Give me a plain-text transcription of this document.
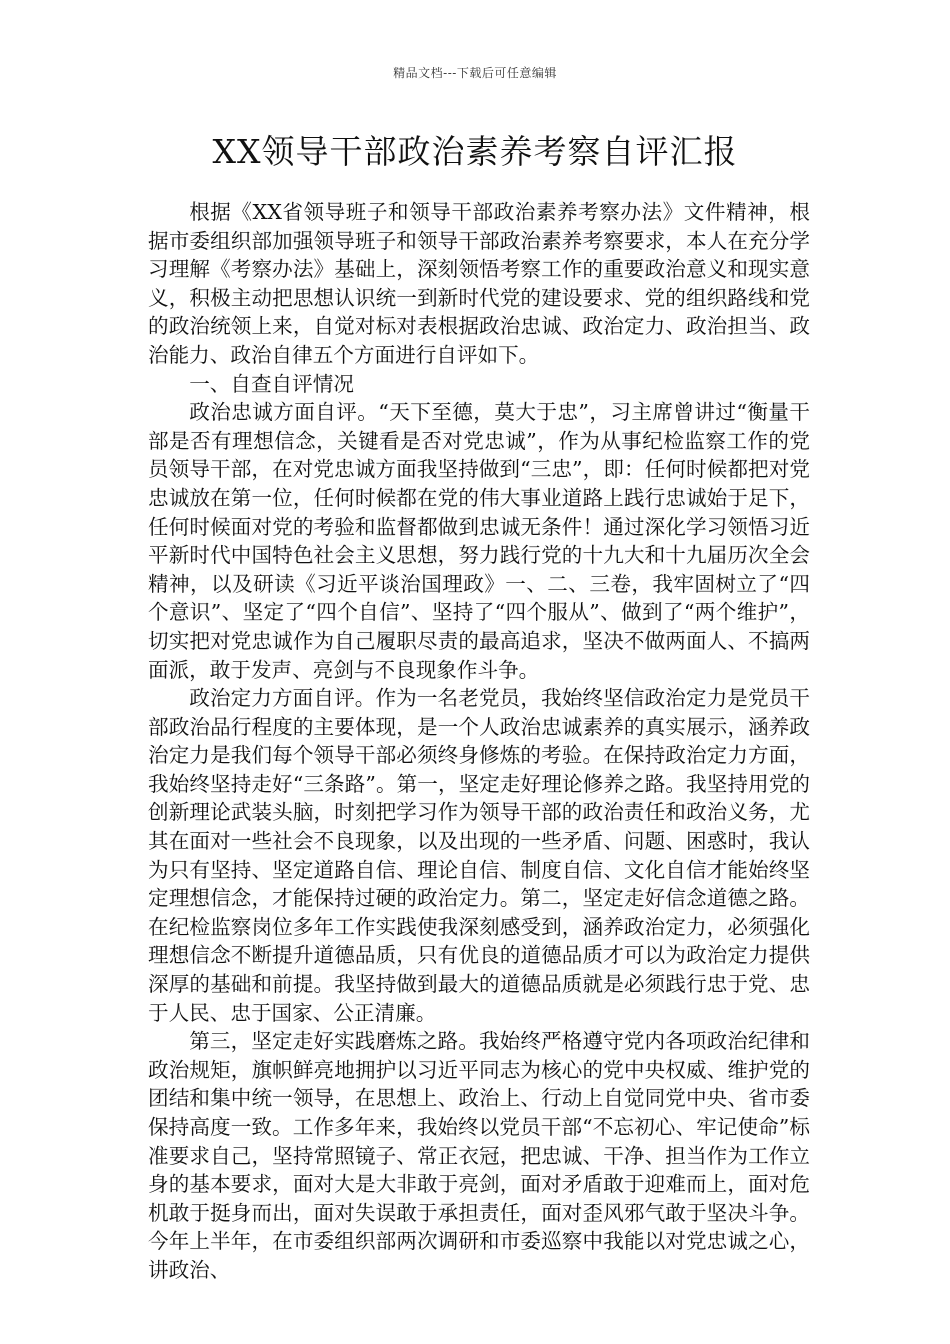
精品文档---下载后可任意编辑
XX领导干部政治素养考察自评汇报

根据《XX省领导班子和领导干部政治素养考察办法》文件精神，根据市委组织部加强领导班子和领导干部政治素养考察要求，本人在充分学习理解《考察办法》基础上，深刻领悟考察工作的重要政治意义和现实意义，积极主动把思想认识统一到新时代党的建设要求、党的组织路线和党的政治统领上来，自觉对标对表根据政治忠诚、政治定力、政治担当、政治能力、政治自律五个方面进行自评如下。

一、自查自评情况

政治忠诚方面自评。“天下至德，莫大于忠”，习主席曾讲过“衡量干部是否有理想信念，关键看是否对党忠诚”，作为从事纪检监察工作的党员领导干部，在对党忠诚方面我坚持做到“三忠”，即：任何时候都把对党忠诚放在第一位，任何时候都在党的伟大事业道路上践行忠诚始于足下，任何时候面对党的考验和监督都做到忠诚无条件！通过深化学习领悟习近平新时代中国特色社会主义思想，努力践行党的十九大和十九届历次全会精神，以及研读《习近平谈治国理政》一、二、三卷，我牢固树立了“四个意识”、坚定了“四个自信”、坚持了“四个服从”、做到了“两个维护”，切实把对党忠诚作为自己履职尽责的最高追求，坚决不做两面人、不搞两面派，敢于发声、亮剑与不良现象作斗争。

政治定力方面自评。作为一名老党员，我始终坚信政治定力是党员干部政治品行程度的主要体现，是一个人政治忠诚素养的真实展示，涵养政治定力是我们每个领导干部必须终身修炼的考验。在保持政治定力方面，我始终坚持走好“三条路”。第一，坚定走好理论修养之路。我坚持用党的创新理论武装头脑，时刻把学习作为领导干部的政治责任和政治义务，尤其在面对一些社会不良现象，以及出现的一些矛盾、问题、困惑时，我认为只有坚持、坚定道路自信、理论自信、制度自信、文化自信才能始终坚定理想信念，才能保持过硬的政治定力。第二，坚定走好信念道德之路。在纪检监察岗位多年工作实践使我深刻感受到，涵养政治定力，必须强化理想信念不断提升道德品质，只有优良的道德品质才可以为政治定力提供深厚的基础和前提。我坚持做到最大的道德品质就是必须践行忠于党、忠于人民、忠于国家、公正清廉。

第三，坚定走好实践磨炼之路。我始终严格遵守党内各项政治纪律和政治规矩，旗帜鲜亮地拥护以习近平同志为核心的党中央权威、维护党的团结和集中统一领导，在思想上、政治上、行动上自觉同党中央、省市委保持高度一致。工作多年来，我始终以党员干部“不忘初心、牢记使命”标准要求自己，坚持常照镜子、常正衣冠，把忠诚、干净、担当作为工作立身的基本要求，面对大是大非敢于亮剑，面对矛盾敢于迎难而上，面对危机敢于挺身而出，面对失误敢于承担责任，面对歪风邪气敢于坚决斗争。今年上半年，在市委组织部两次调研和市委巡察中我能以对党忠诚之心，讲政治、
